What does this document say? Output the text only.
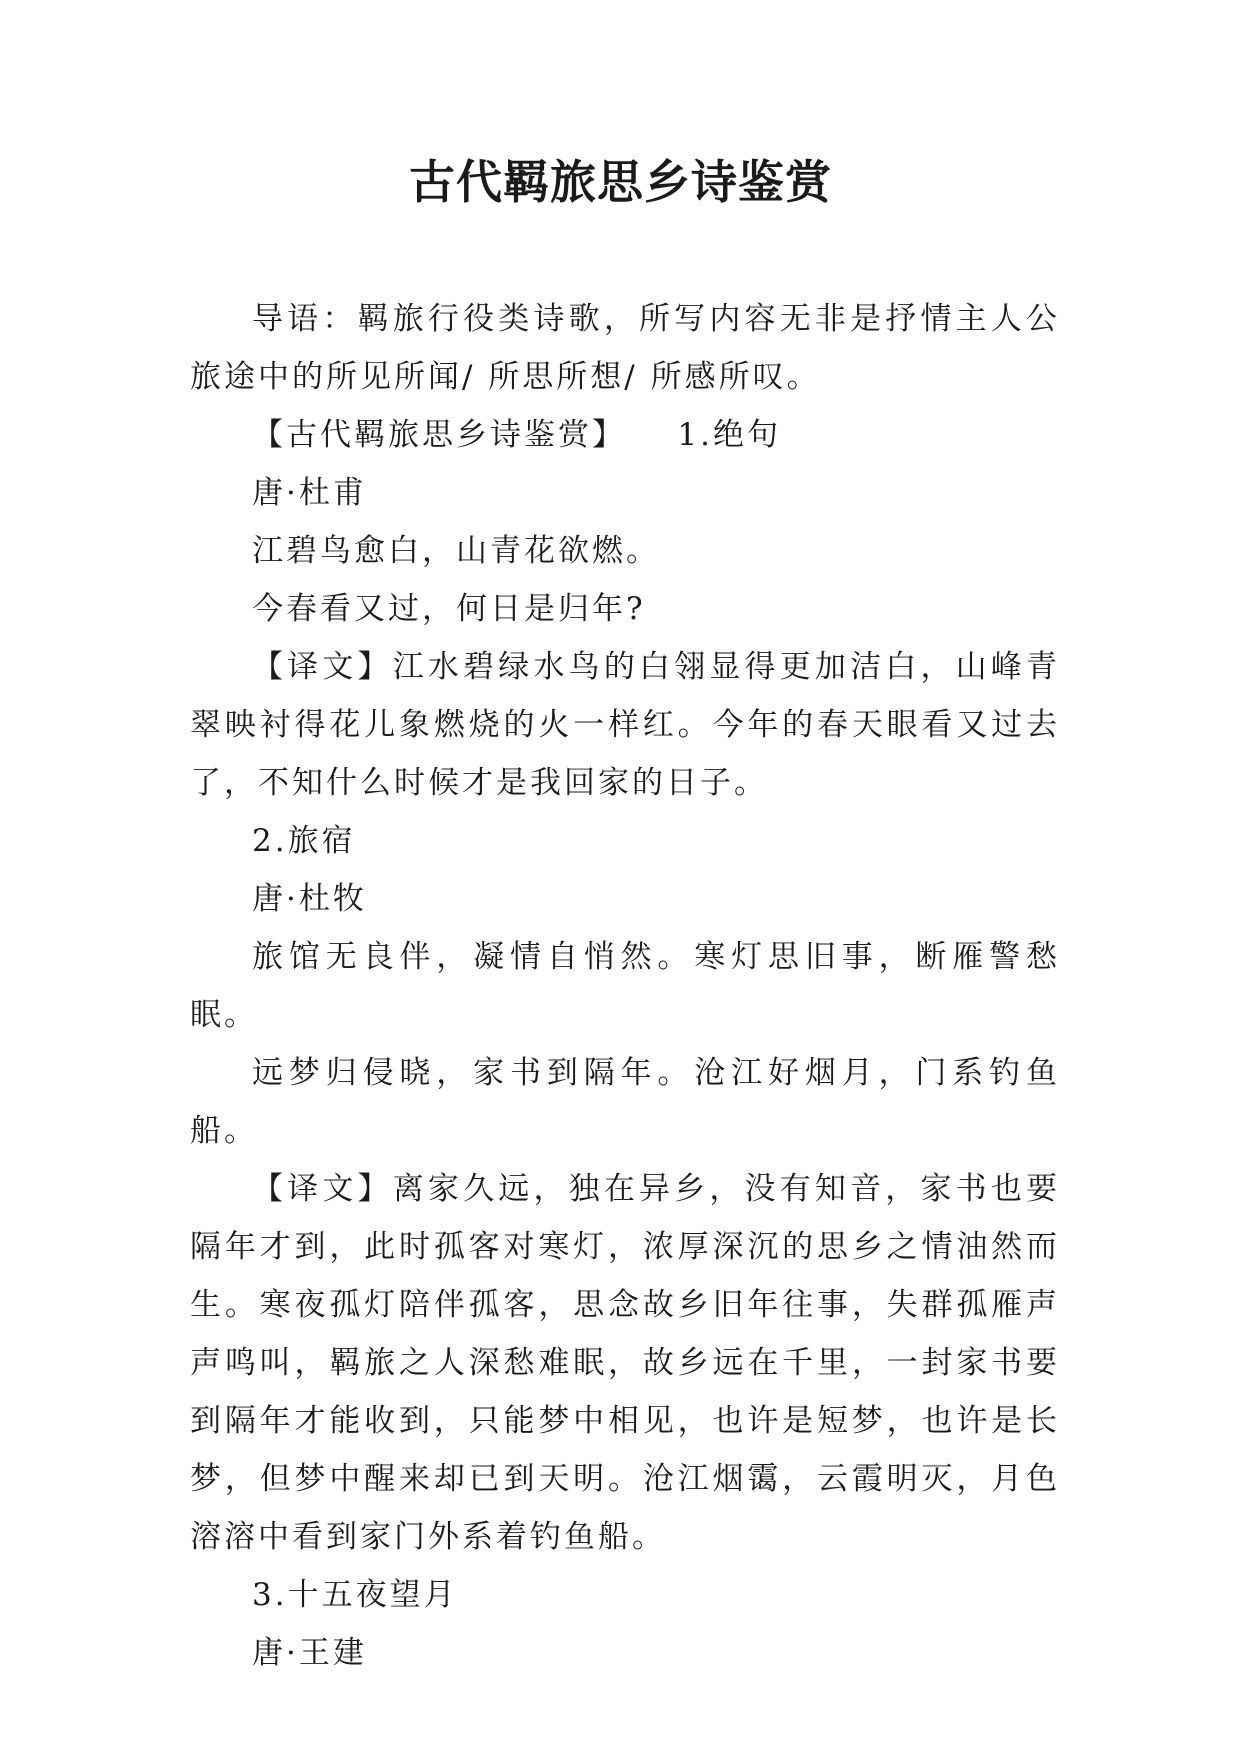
古代羁旅思乡诗鉴赏

导语：羁旅行役类诗歌，所写内容无非是抒情主人公旅途中的所见所闻/ 所思所想/ 所感所叹。

【古代羁旅思乡诗鉴赏】    1.绝句

唐·杜甫

江碧鸟愈白，山青花欲燃。

今春看又过，何日是归年?

【译文】江水碧绿水鸟的白翎显得更加洁白，山峰青翠映衬得花儿象燃烧的火一样红。今年的春天眼看又过去了，不知什么时候才是我回家的日子。

2.旅宿

唐·杜牧

旅馆无良伴，凝情自悄然。寒灯思旧事，断雁警愁眠。

远梦归侵晓，家书到隔年。沧江好烟月，门系钓鱼船。

【译文】离家久远，独在异乡，没有知音，家书也要隔年才到，此时孤客对寒灯，浓厚深沉的思乡之情油然而生。寒夜孤灯陪伴孤客，思念故乡旧年往事，失群孤雁声声鸣叫，羁旅之人深愁难眠，故乡远在千里，一封家书要到隔年才能收到，只能梦中相见，也许是短梦，也许是长梦，但梦中醒来却已到天明。沧江烟霭，云霞明灭，月色溶溶中看到家门外系着钓鱼船。

3.十五夜望月

唐·王建
